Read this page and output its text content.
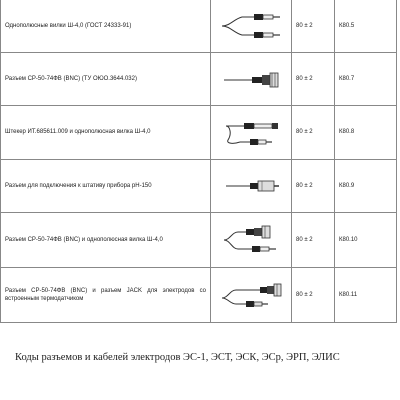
Однополюсные вилки Ш-4,0 (ГОСТ 24333-91)		80 ± 2	К80.5
Разъем СР-50-74ФВ (BNC) (ТУ ОЮО.3644.032)		80 ± 2	К80.7
Штекер ИТ.685611.009 и однополюсная вилка Ш-4,0		80 ± 2	К80.8
Разъем для подключения к штативу прибора рН-150		80 ± 2	К80.9
Разъем СР-50-74ФВ (BNC) и однополюсная вилка Ш-4,0		80 ± 2	К80.10
Разъем СР-50-74ФВ (BNC) и разъем JACK для электродов со встроенным термодатчиком		80 ± 2	К80.11
Коды разъемов и кабелей электродов ЭС-1, ЭСТ, ЭСК, ЭСр, ЭРП, ЭЛИС
